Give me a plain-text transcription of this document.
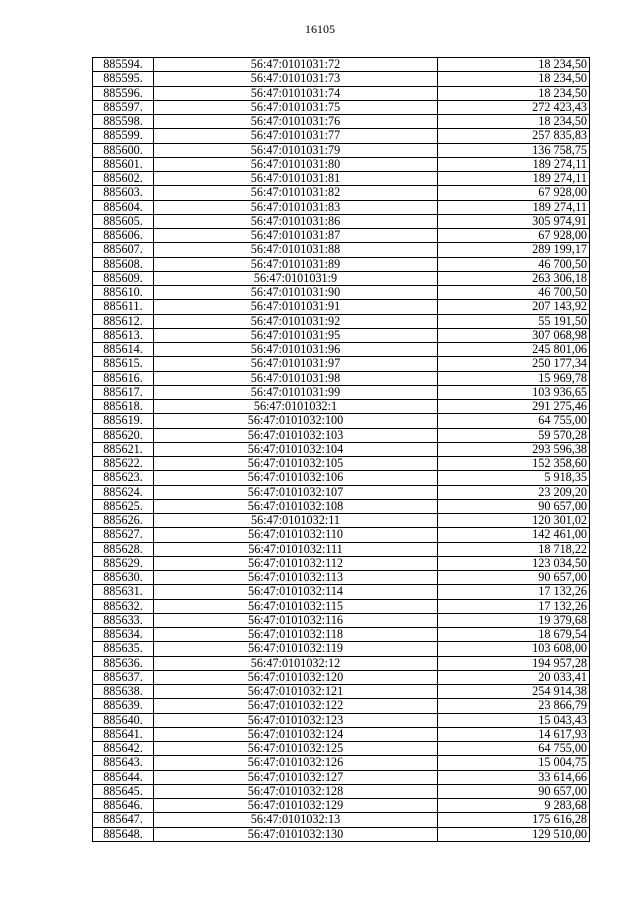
16105
885594.	56:47:0101031:72	18 234,50
885595.	56:47:0101031:73	18 234,50
885596.	56:47:0101031:74	18 234,50
885597.	56:47:0101031:75	272 423,43
885598.	56:47:0101031:76	18 234,50
885599.	56:47:0101031:77	257 835,83
885600.	56:47:0101031:79	136 758,75
885601.	56:47:0101031:80	189 274,11
885602.	56:47:0101031:81	189 274,11
885603.	56:47:0101031:82	67 928,00
885604.	56:47:0101031:83	189 274,11
885605.	56:47:0101031:86	305 974,91
885606.	56:47:0101031:87	67 928,00
885607.	56:47:0101031:88	289 199,17
885608.	56:47:0101031:89	46 700,50
885609.	56:47:0101031:9	263 306,18
885610.	56:47:0101031:90	46 700,50
885611.	56:47:0101031:91	207 143,92
885612.	56:47:0101031:92	55 191,50
885613.	56:47:0101031:95	307 068,98
885614.	56:47:0101031:96	245 801,06
885615.	56:47:0101031:97	250 177,34
885616.	56:47:0101031:98	15 969,78
885617.	56:47:0101031:99	103 936,65
885618.	56:47:0101032:1	291 275,46
885619.	56:47:0101032:100	64 755,00
885620.	56:47:0101032:103	59 570,28
885621.	56:47:0101032:104	293 596,38
885622.	56:47:0101032:105	152 358,60
885623.	56:47:0101032:106	5 918,35
885624.	56:47:0101032:107	23 209,20
885625.	56:47:0101032:108	90 657,00
885626.	56:47:0101032:11	120 301,02
885627.	56:47:0101032:110	142 461,00
885628.	56:47:0101032:111	18 718,22
885629.	56:47:0101032:112	123 034,50
885630.	56:47:0101032:113	90 657,00
885631.	56:47:0101032:114	17 132,26
885632.	56:47:0101032:115	17 132,26
885633.	56:47:0101032:116	19 379,68
885634.	56:47:0101032:118	18 679,54
885635.	56:47:0101032:119	103 608,00
885636.	56:47:0101032:12	194 957,28
885637.	56:47:0101032:120	20 033,41
885638.	56:47:0101032:121	254 914,38
885639.	56:47:0101032:122	23 866,79
885640.	56:47:0101032:123	15 043,43
885641.	56:47:0101032:124	14 617,93
885642.	56:47:0101032:125	64 755,00
885643.	56:47:0101032:126	15 004,75
885644.	56:47:0101032:127	33 614,66
885645.	56:47:0101032:128	90 657,00
885646.	56:47:0101032:129	9 283,68
885647.	56:47:0101032:13	175 616,28
885648.	56:47:0101032:130	129 510,00
